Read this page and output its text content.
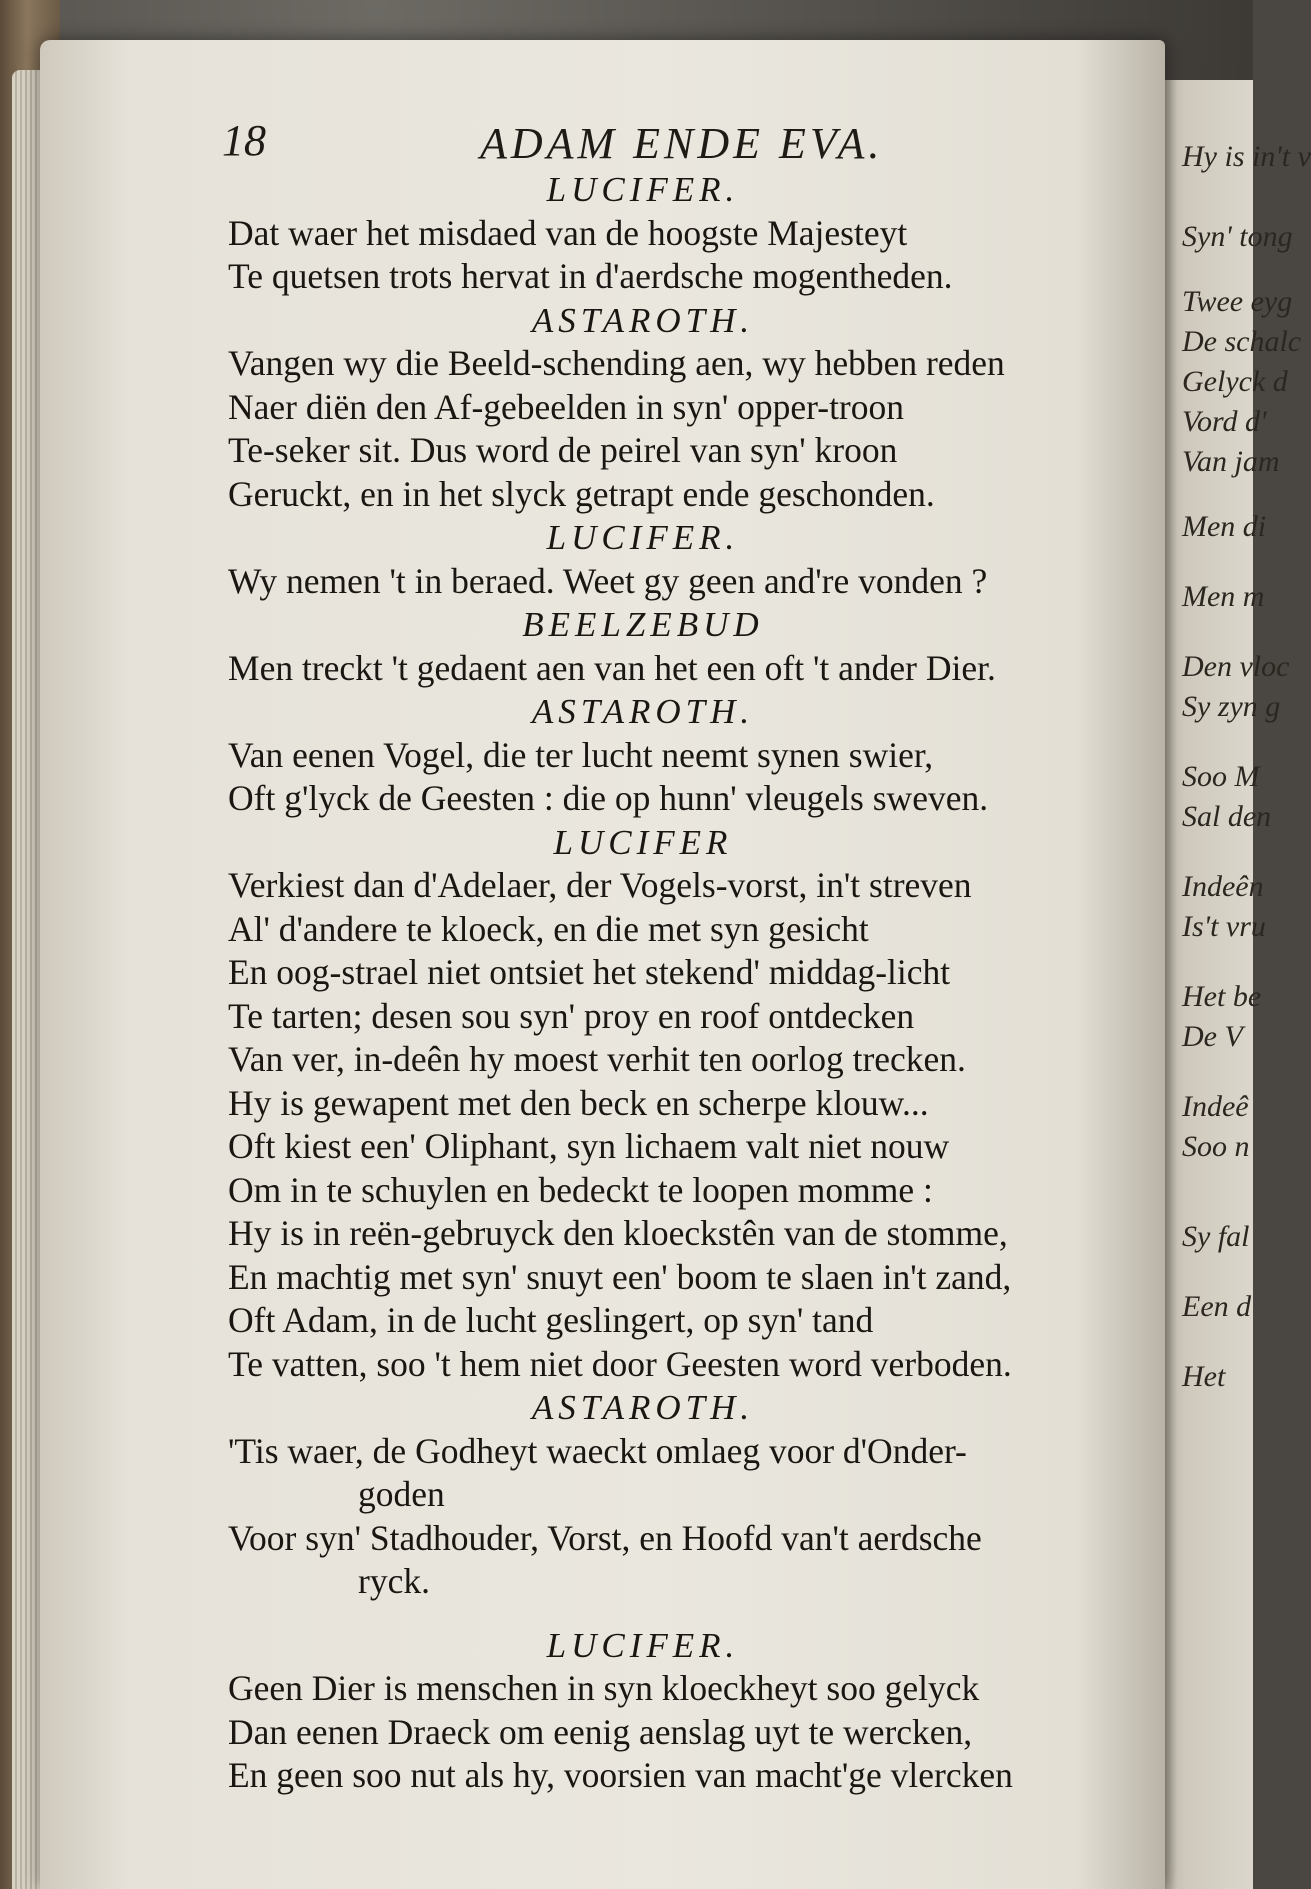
Hy is in't v
Syn' tong
Twee eyg
De schalc
Gelyck d
Vord d'
Van jam
Men di
Men m
Den vloc
Sy zyn g
Soo M
Sal den
Indeên
Is't vru
Het be
De V
Indeê
Soo n
Sy fal
Een d
Het
18	ADAM ENDE EVA.
LUCIFER.
Dat waer het misdaed van de hoogste Majesteyt
Te quetsen trots hervat in d'aerdsche mogentheden.
ASTAROTH.
Vangen wy die Beeld-schending aen, wy hebben reden
Naer diën den Af-gebeelden in syn' opper-troon
Te-seker sit. Dus word de peirel van syn' kroon
Geruckt, en in het slyck getrapt ende geschonden.
LUCIFER.
Wy nemen 't in beraed. Weet gy geen and're vonden ?
BEELZEBUD
Men treckt 't gedaent aen van het een oft 't ander Dier.
ASTAROTH.
Van eenen Vogel, die ter lucht neemt synen swier,
Oft g'lyck de Geesten : die op hunn' vleugels sweven.
LUCIFER
Verkiest dan d'Adelaer, der Vogels-vorst, in't streven
Al' d'andere te kloeck, en die met syn gesicht
En oog-strael niet ontsiet het stekend' middag-licht
Te tarten; desen sou syn' proy en roof ontdecken
Van ver, in-deên hy moest verhit ten oorlog trecken.
Hy is gewapent met den beck en scherpe klouw...
Oft kiest een' Oliphant, syn lichaem valt niet nouw
Om in te schuylen en bedeckt te loopen momme :
Hy is in reën-gebruyck den kloeckstên van de stomme,
En machtig met syn' snuyt een' boom te slaen in't zand,
Oft Adam, in de lucht geslingert, op syn' tand
Te vatten, soo 't hem niet door Geesten word verboden.
ASTAROTH.
'Tis waer, de Godheyt waeckt omlaeg voor d'Onder-
goden
Voor syn' Stadhouder, Vorst, en Hoofd van't aerdsche
ryck.
LUCIFER.
Geen Dier is menschen in syn kloeckheyt soo gelyck
Dan eenen Draeck om eenig aenslag uyt te wercken,
En geen soo nut als hy, voorsien van macht'ge vlercken
